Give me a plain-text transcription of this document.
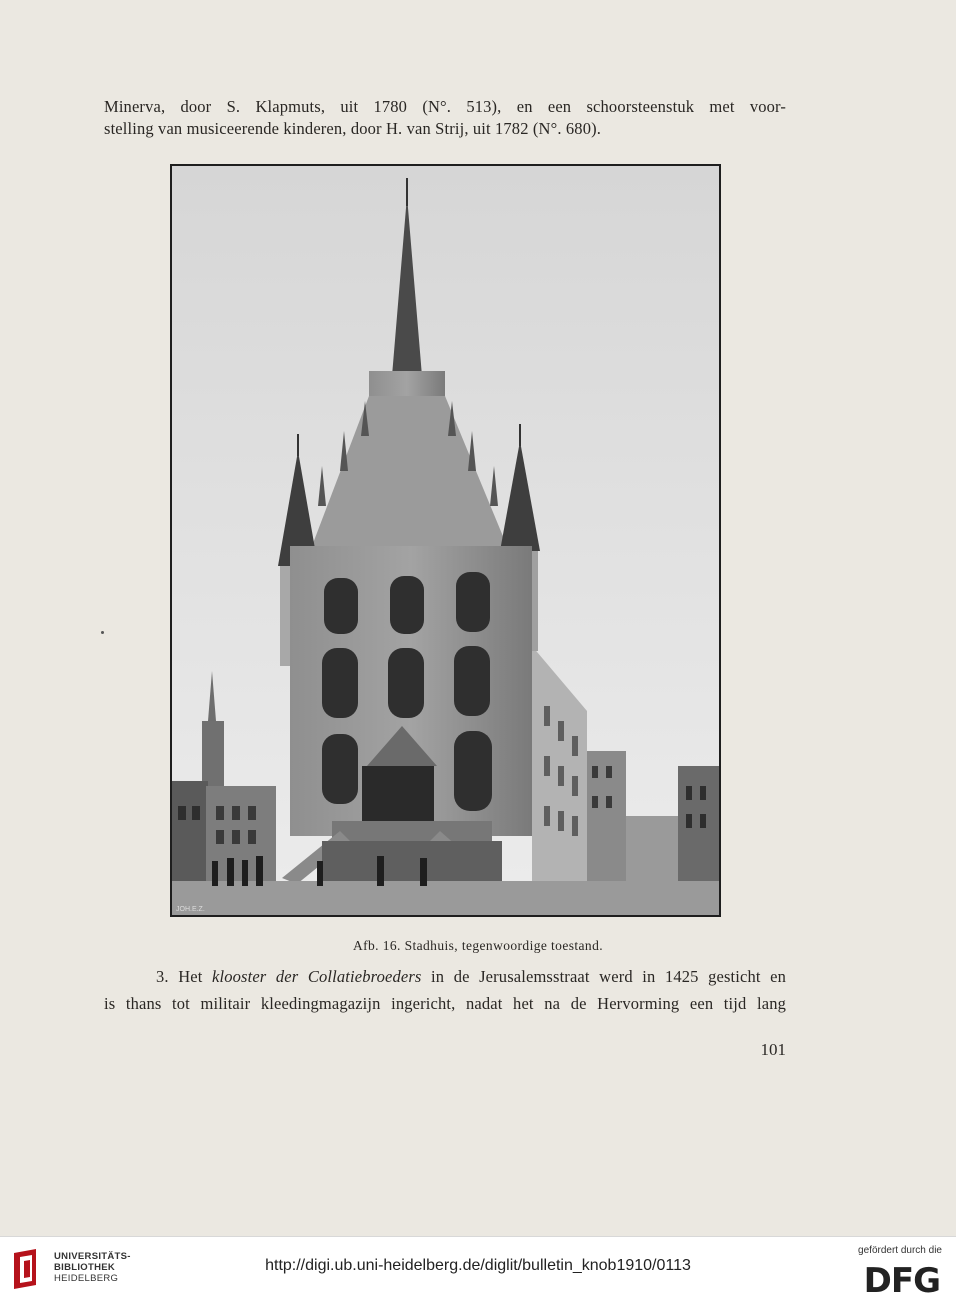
Minerva, door S. Klapmuts, uit 1780 (N°. 513), en een schoorsteenstuk met voor-
stelling van musiceerende kinderen, door H. van Strij, uit 1782 (N°. 680).
JOH.E.Z.
Afb. 16. Stadhuis, tegenwoordige toestand.
3. Het klooster der Collatiebroeders in de Jerusalemsstraat werd in 1425 gesticht en
is thans tot militair kleedingmagazijn ingericht, nadat het na de Hervorming een tijd lang
101
UNIVERSITÄTS-
BIBLIOTHEK
HEIDELBERG
http://digi.ub.uni-heidelberg.de/diglit/bulletin_knob1910/0113
gefördert durch die
DFG
